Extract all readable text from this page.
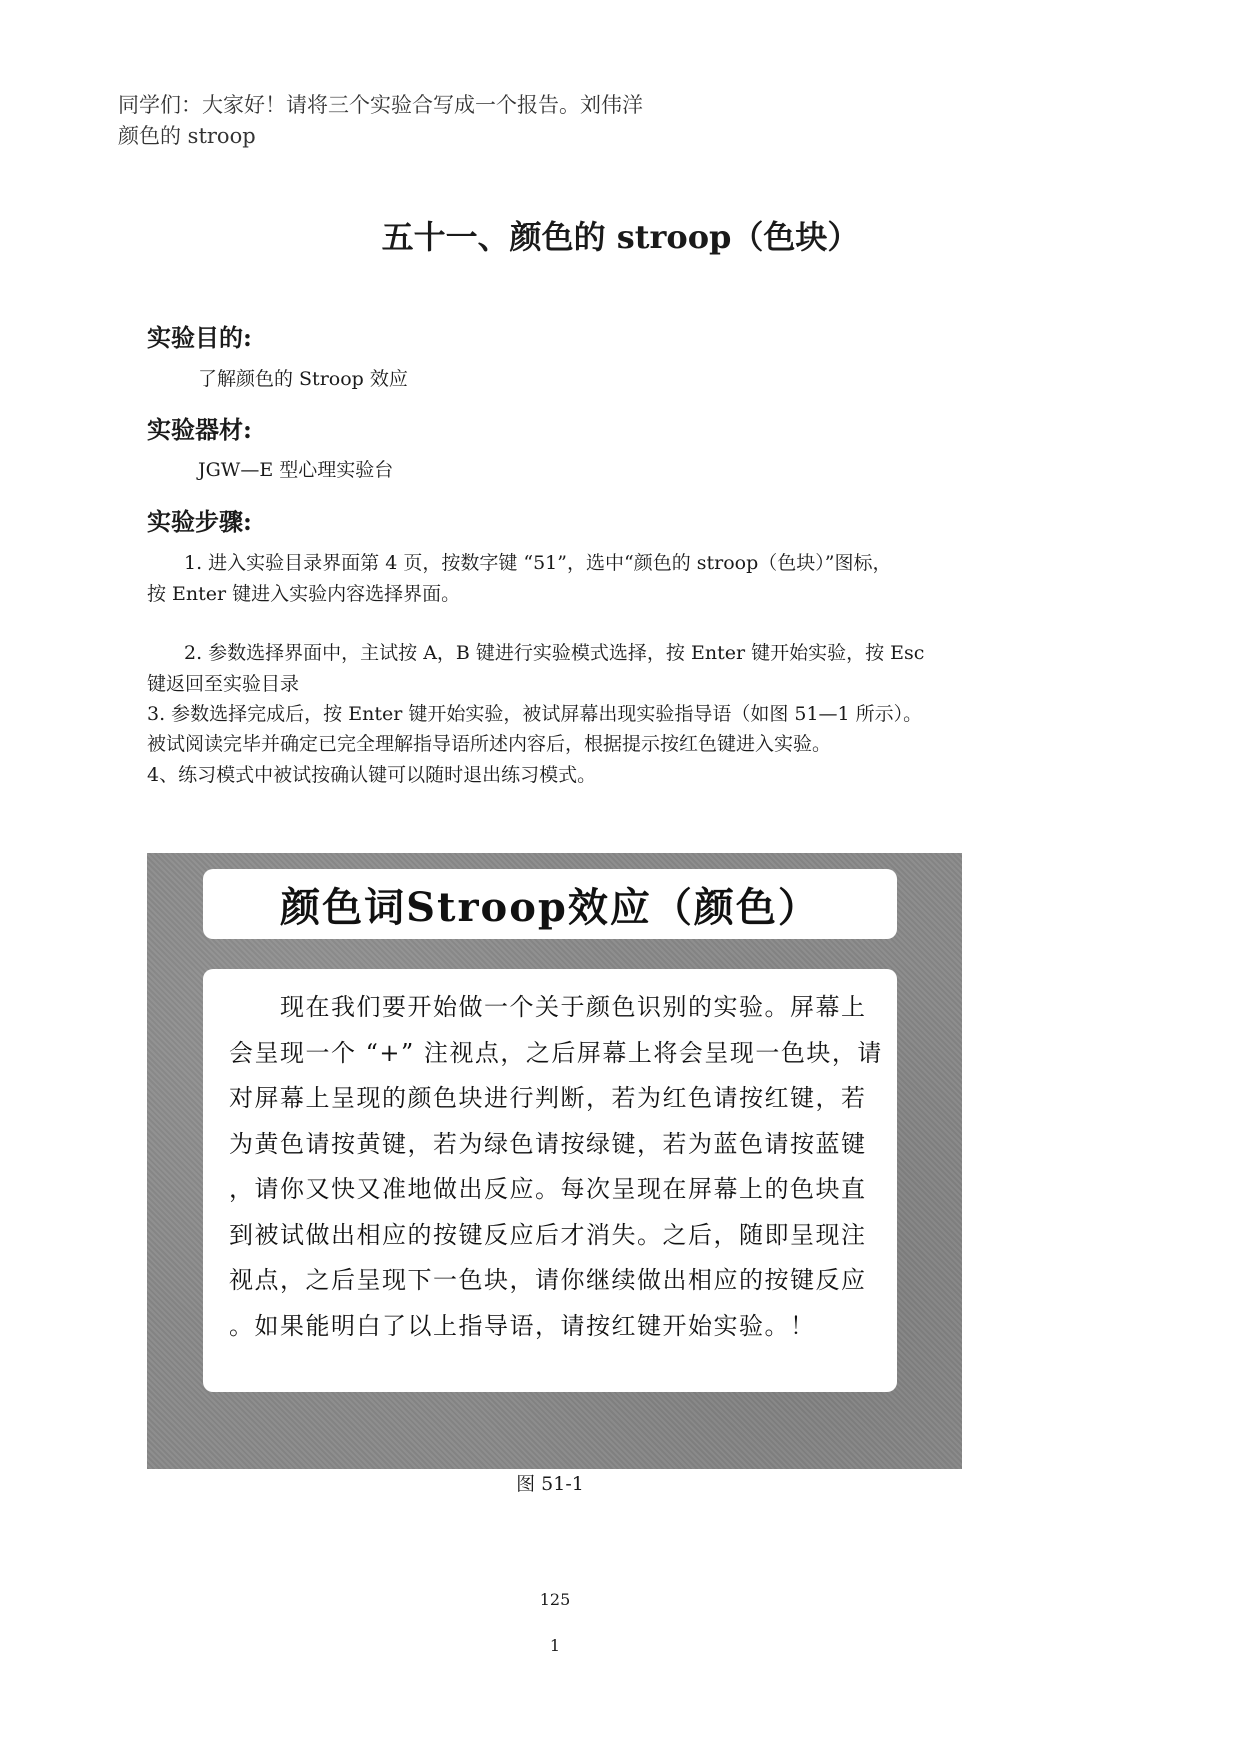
同学们：大家好！请将三个实验合写成一个报告。刘伟洋
颜色的 stroop
五十一、颜色的 stroop（色块）
实验目的:
了解颜色的 Stroop 效应
实验器材:
JGW—E 型心理实验台
实验步骤:
1. 进入实验目录界面第 4 页，按数字键 “51”，选中“颜色的 stroop（色块）”图标，
按 Enter 键进入实验内容选择界面。
2. 参数选择界面中，主试按 A，B 键进行实验模式选择，按 Enter 键开始实验，按 Esc
键返回至实验目录
3. 参数选择完成后，按 Enter 键开始实验，被试屏幕出现实验指导语（如图 51—1 所示）。
被试阅读完毕并确定已完全理解指导语所述内容后，根据提示按红色键进入实验。
4、练习模式中被试按确认键可以随时退出练习模式。
颜色词Stroop效应（颜色）
　　现在我们要开始做一个关于颜色识别的实验。屏幕上
会呈现一个 “+” 注视点，之后屏幕上将会呈现一色块，请
对屏幕上呈现的颜色块进行判断，若为红色请按红键，若
为黄色请按黄键，若为绿色请按绿键，若为蓝色请按蓝键
，请你又快又准地做出反应。每次呈现在屏幕上的色块直
到被试做出相应的按键反应后才消失。之后，随即呈现注
视点，之后呈现下一色块，请你继续做出相应的按键反应
。如果能明白了以上指导语，请按红键开始实验。！
图 51-1
125
1
